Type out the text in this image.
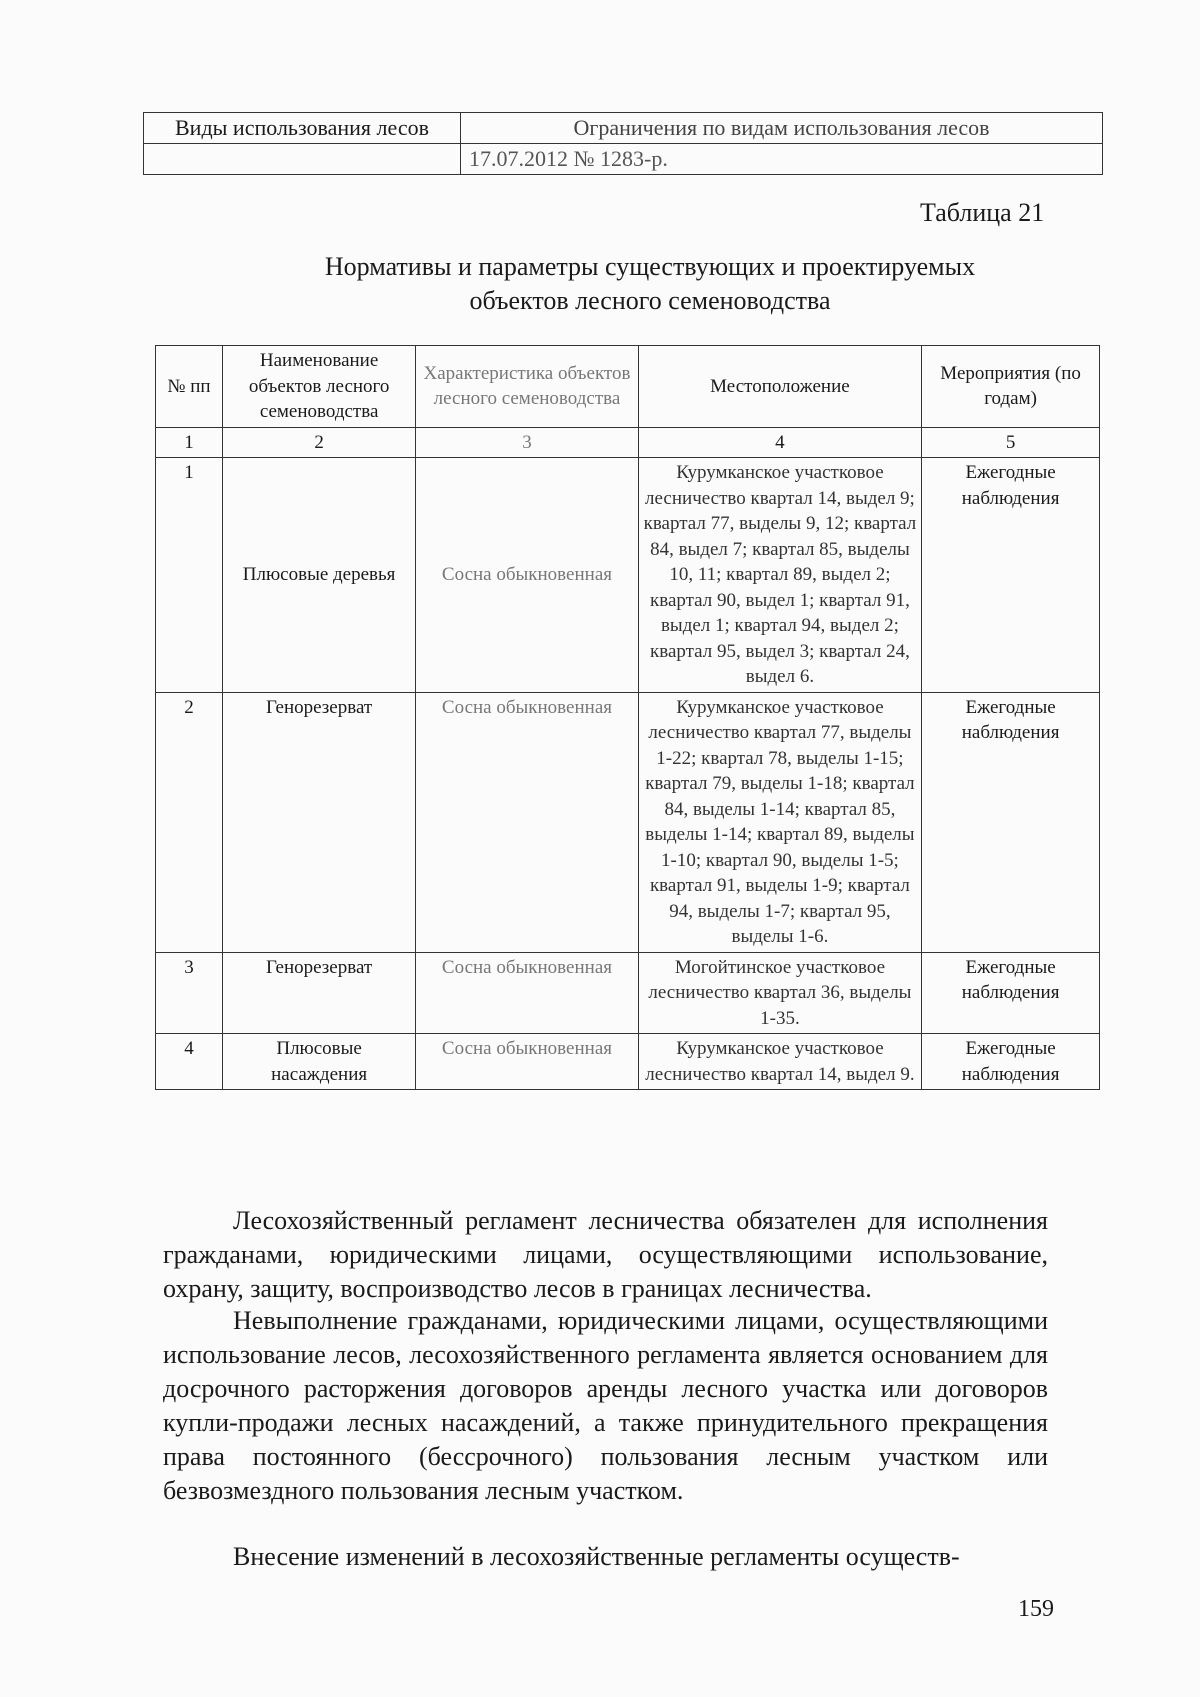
Виды использования лесов	Ограничения по видам использования лесов
	17.07.2012 № 1283-р.
Таблица 21
Нормативы и параметры существующих и проектируемых
объектов лесного семеноводства
№ пп	Наименование объектов лесного семеноводства	Характеристика объектов лесного семеноводства	Местоположение	Мероприятия (по годам)
1	2	3	4	5
1	Плюсовые деревья	Сосна обыкновенная	Курумканское участковое лесничество квартал 14, выдел 9; квартал 77, выделы 9, 12; квартал 84, выдел 7; квартал 85, выделы 10, 11; квартал 89, выдел 2; квартал 90, выдел 1; квартал 91, выдел 1; квартал 94, выдел 2; квартал 95, выдел 3; квартал 24, выдел 6.	Ежегодные наблюдения
2	Генорезерват	Сосна обыкновенная	Курумканское участковое лесничество квартал 77, выделы 1-22; квартал 78, выделы 1-15; квартал 79, выделы 1-18; квартал 84, выделы 1-14; квартал 85, выделы 1-14; квартал 89, выделы 1-10; квартал 90, выделы 1-5; квартал 91, выделы 1-9; квартал 94, выделы 1-7; квартал 95, выделы 1-6.	Ежегодные наблюдения
3	Генорезерват	Сосна обыкновенная	Могойтинское участковое лесничество квартал 36, выделы 1-35.	Ежегодные наблюдения
4	Плюсовые насаждения	Сосна обыкновенная	Курумканское участковое лесничество квартал 14, выдел 9.	Ежегодные наблюдения

Лесохозяйственный регламент лесничества обязателен для исполнения гражданами, юридическими лицами, осуществляющими использование, охрану, защиту, воспроизводство лесов в границах лесничества.

Невыполнение гражданами, юридическими лицами, осуществляющими использование лесов, лесохозяйственного регламента является основанием для досрочного расторжения договоров аренды лесного участка или договоров купли-продажи лесных насаждений, а также принудительного прекращения права постоянного (бессрочного) пользования лесным участком или безвозмездного пользования лесным участком.

Внесение изменений в лесохозяйственные регламенты осуществ-

159
